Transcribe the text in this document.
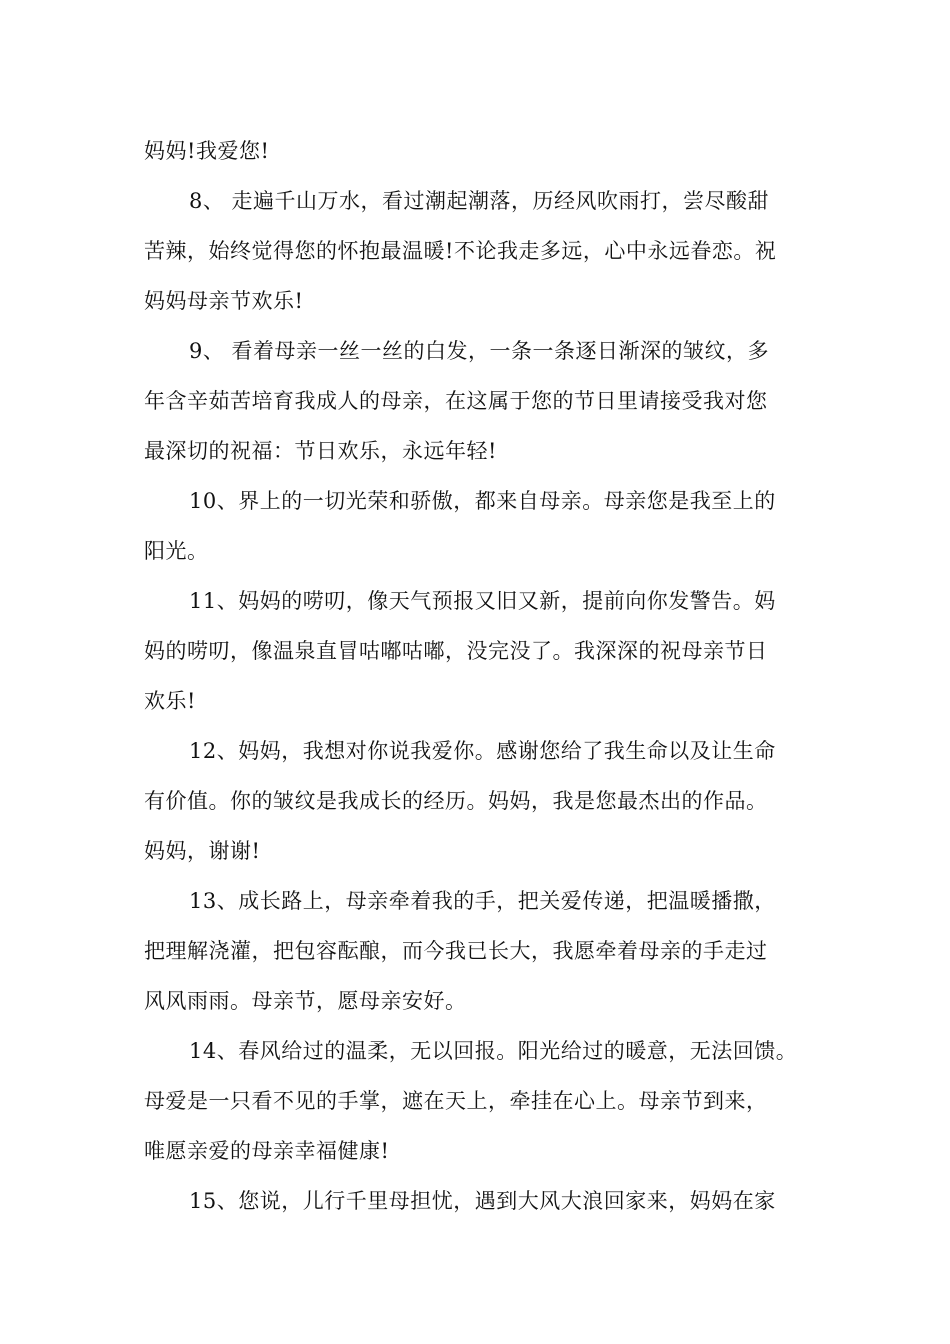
妈妈!我爱您!
8、 走遍千山万水，看过潮起潮落，历经风吹雨打，尝尽酸甜
苦辣，始终觉得您的怀抱最温暖!不论我走多远，心中永远眷恋。祝
妈妈母亲节欢乐!
9、 看着母亲一丝一丝的白发，一条一条逐日渐深的皱纹，多
年含辛茹苦培育我成人的母亲，在这属于您的节日里请接受我对您
最深切的祝福：节日欢乐，永远年轻!
10、界上的一切光荣和骄傲，都来自母亲。母亲您是我至上的
阳光。
11、妈妈的唠叨，像天气预报又旧又新，提前向你发警告。妈
妈的唠叨，像温泉直冒咕嘟咕嘟，没完没了。我深深的祝母亲节日
欢乐!
12、妈妈，我想对你说我爱你。感谢您给了我生命以及让生命
有价值。你的皱纹是我成长的经历。妈妈，我是您最杰出的作品。
妈妈，谢谢!
13、成长路上，母亲牵着我的手，把关爱传递，把温暖播撒，
把理解浇灌，把包容酝酿，而今我已长大，我愿牵着母亲的手走过
风风雨雨。母亲节，愿母亲安好。
14、春风给过的温柔，无以回报。阳光给过的暖意，无法回馈。
母爱是一只看不见的手掌，遮在天上，牵挂在心上。母亲节到来，
唯愿亲爱的母亲幸福健康!
15、您说，儿行千里母担忧，遇到大风大浪回家来，妈妈在家
